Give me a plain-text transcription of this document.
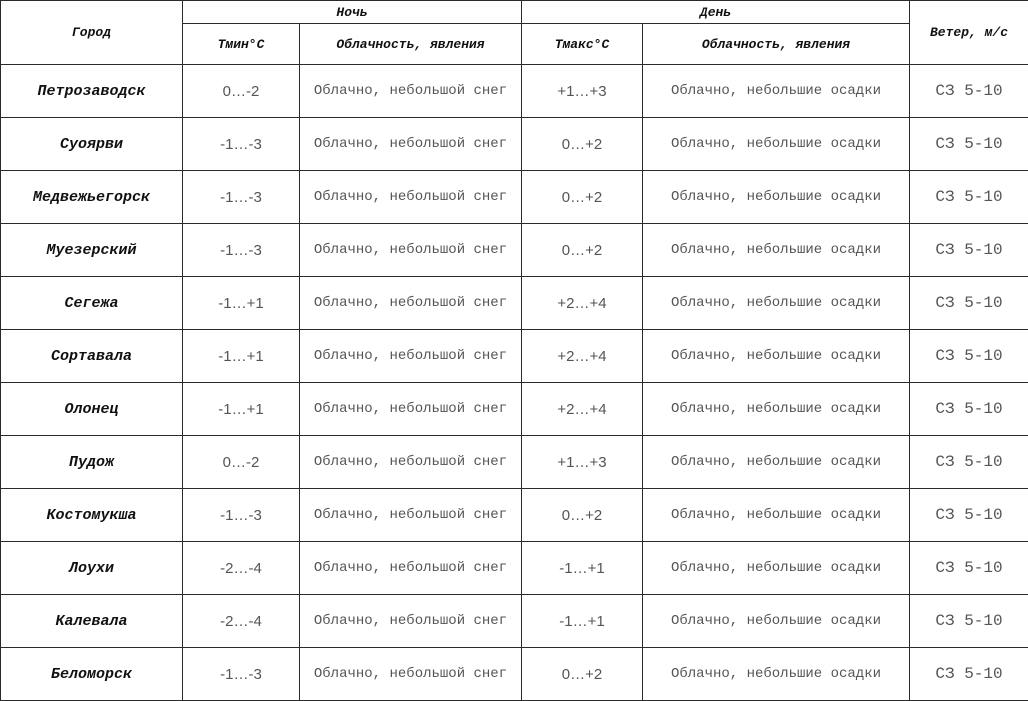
Город	Ночь		День		Ветер, м/с
	Тмин°С	Облачность, явления	Тмакс°С	Облачность, явления	
Петрозаводск	0…-2	Облачно, небольшой снег	+1…+3	Облачно, небольшие осадки	СЗ 5-10
Суоярви	-1…-3	Облачно, небольшой снег	0…+2	Облачно, небольшие осадки	СЗ 5-10
Медвежьегорск	-1…-3	Облачно, небольшой снег	0…+2	Облачно, небольшие осадки	СЗ 5-10
Муезерский	-1…-3	Облачно, небольшой снег	0…+2	Облачно, небольшие осадки	СЗ 5-10
Сегежа	-1…+1	Облачно, небольшой снег	+2…+4	Облачно, небольшие осадки	СЗ 5-10
Сортавала	-1…+1	Облачно, небольшой снег	+2…+4	Облачно, небольшие осадки	СЗ 5-10
Олонец	-1…+1	Облачно, небольшой снег	+2…+4	Облачно, небольшие осадки	СЗ 5-10
Пудож	0…-2	Облачно, небольшой снег	+1…+3	Облачно, небольшие осадки	СЗ 5-10
Костомукша	-1…-3	Облачно, небольшой снег	0…+2	Облачно, небольшие осадки	СЗ 5-10
Лоухи	-2…-4	Облачно, небольшой снег	-1…+1	Облачно, небольшие осадки	СЗ 5-10
Калевала	-2…-4	Облачно, небольшой снег	-1…+1	Облачно, небольшие осадки	СЗ 5-10
Беломорск	-1…-3	Облачно, небольшой снег	0…+2	Облачно, небольшие осадки	СЗ 5-10
